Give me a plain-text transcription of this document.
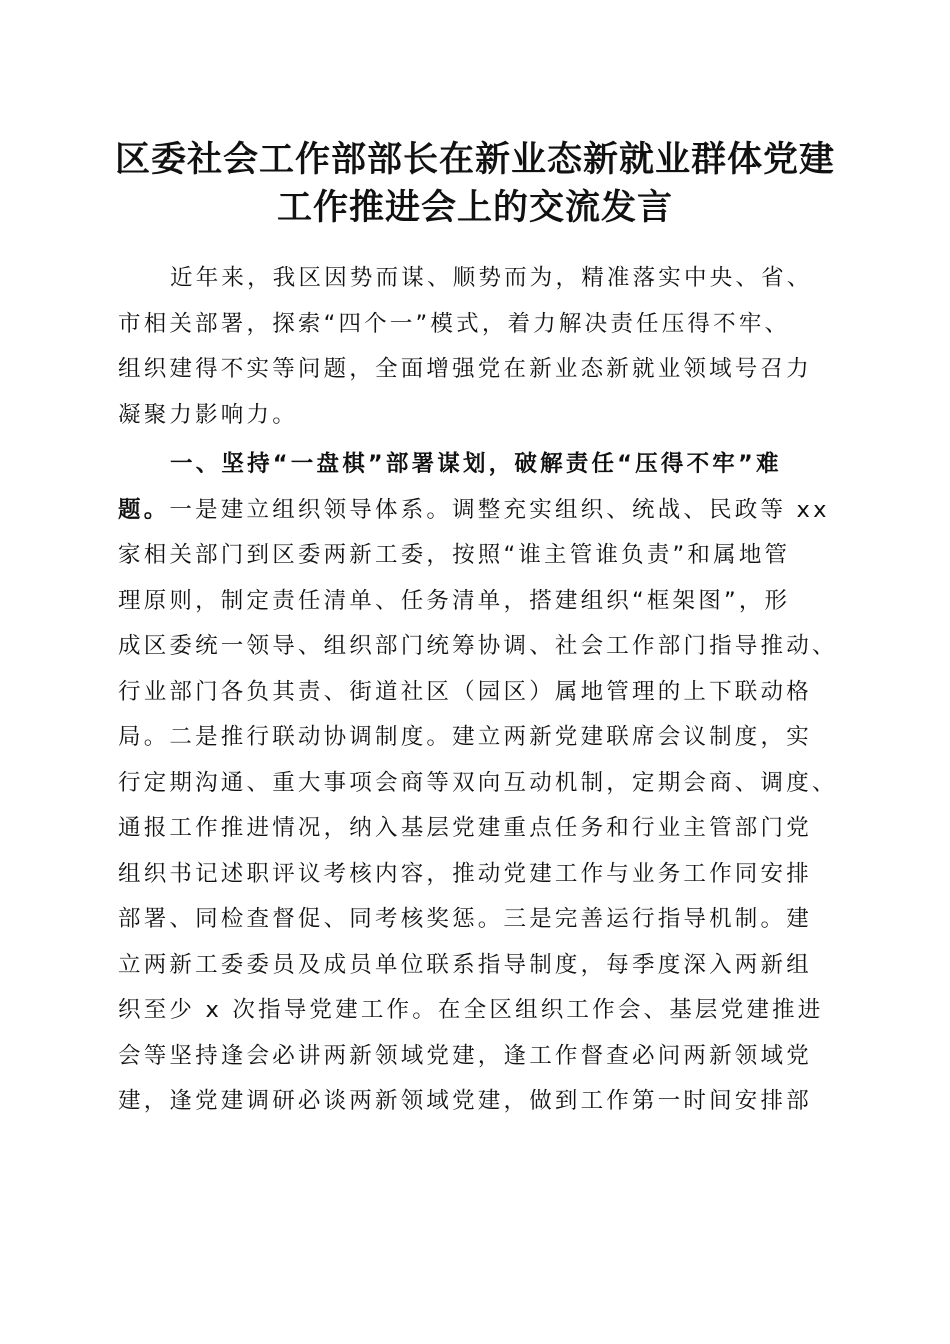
区委社会工作部部长在新业态新就业群体党建
工作推进会上的交流发言
近年来，我区因势而谋、顺势而为，精准落实中央、省、
市相关部署，探索“四个一”模式，着力解决责任压得不牢、
组织建得不实等问题，全面增强党在新业态新就业领域号召力
凝聚力影响力。
一、坚持“一盘棋”部署谋划，破解责任“压得不牢”难
题。一是建立组织领导体系。调整充实组织、统战、民政等 xx
家相关部门到区委两新工委，按照“谁主管谁负责”和属地管
理原则，制定责任清单、任务清单，搭建组织“框架图”，形
成区委统一领导、组织部门统筹协调、社会工作部门指导推动、
行业部门各负其责、街道社区（园区）属地管理的上下联动格
局。二是推行联动协调制度。建立两新党建联席会议制度，实
行定期沟通、重大事项会商等双向互动机制，定期会商、调度、
通报工作推进情况，纳入基层党建重点任务和行业主管部门党
组织书记述职评议考核内容，推动党建工作与业务工作同安排
部署、同检查督促、同考核奖惩。三是完善运行指导机制。建
立两新工委委员及成员单位联系指导制度，每季度深入两新组
织至少 x 次指导党建工作。在全区组织工作会、基层党建推进
会等坚持逢会必讲两新领域党建，逢工作督查必问两新领域党
建，逢党建调研必谈两新领域党建，做到工作第一时间安排部
